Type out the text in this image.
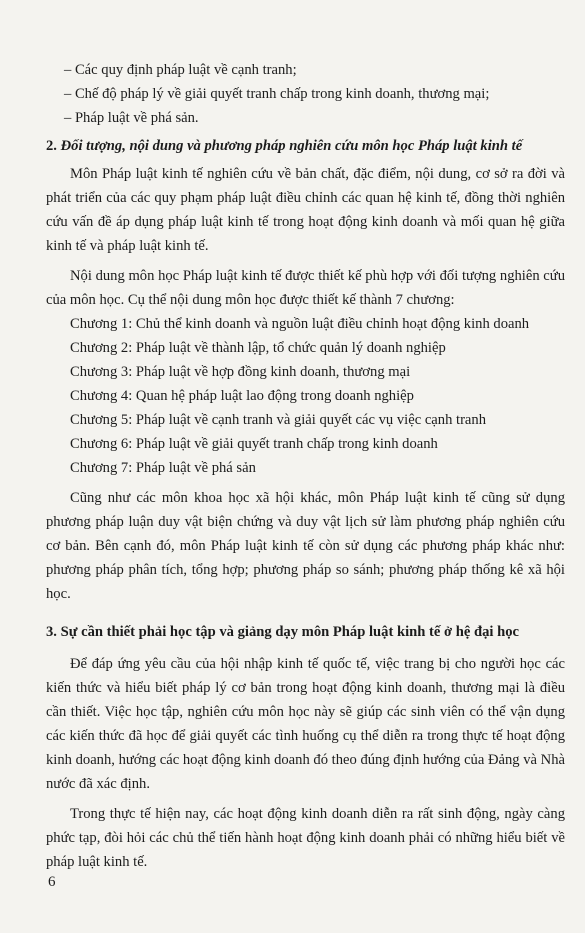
– Các quy định pháp luật về cạnh tranh;

– Chế độ pháp lý về giải quyết tranh chấp trong kinh doanh, thương mại;

– Pháp luật về phá sản.

2. Đối tượng, nội dung và phương pháp nghiên cứu môn học Pháp luật kinh tế

Môn Pháp luật kinh tế nghiên cứu về bản chất, đặc điểm, nội dung, cơ sở ra đời và phát triển của các quy phạm pháp luật điều chỉnh các quan hệ kinh tế, đồng thời nghiên cứu vấn đề áp dụng pháp luật kinh tế trong hoạt động kinh doanh và mối quan hệ giữa kinh tế và pháp luật kinh tế.

Nội dung môn học Pháp luật kinh tế được thiết kế phù hợp với đối tượng nghiên cứu của môn học. Cụ thể nội dung môn học được thiết kế thành 7 chương:

Chương 1: Chủ thể kinh doanh và nguồn luật điều chỉnh hoạt động kinh doanh

Chương 2: Pháp luật về thành lập, tổ chức quản lý doanh nghiệp

Chương 3: Pháp luật về hợp đồng kinh doanh, thương mại

Chương 4: Quan hệ pháp luật lao động trong doanh nghiệp

Chương 5: Pháp luật về cạnh tranh và giải quyết các vụ việc cạnh tranh

Chương 6: Pháp luật về giải quyết tranh chấp trong kinh doanh

Chương 7: Pháp luật về phá sản

Cũng như các môn khoa học xã hội khác, môn Pháp luật kinh tế cũng sử dụng phương pháp luận duy vật biện chứng và duy vật lịch sử làm phương pháp nghiên cứu cơ bản. Bên cạnh đó, môn Pháp luật kinh tế còn sử dụng các phương pháp khác như: phương pháp phân tích, tổng hợp; phương pháp so sánh; phương pháp thống kê xã hội học.

3. Sự cần thiết phải học tập và giảng dạy môn Pháp luật kinh tế ở hệ đại học

Để đáp ứng yêu cầu của hội nhập kinh tế quốc tế, việc trang bị cho người học các kiến thức và hiểu biết pháp lý cơ bản trong hoạt động kinh doanh, thương mại là điều cần thiết. Việc học tập, nghiên cứu môn học này sẽ giúp các sinh viên có thể vận dụng các kiến thức đã học để giải quyết các tình huống cụ thể diễn ra trong thực tế hoạt động kinh doanh, hướng các hoạt động kinh doanh đó theo đúng định hướng của Đảng và Nhà nước đã xác định.

Trong thực tế hiện nay, các hoạt động kinh doanh diễn ra rất sinh động, ngày càng phức tạp, đòi hỏi các chủ thể tiến hành hoạt động kinh doanh phải có những hiểu biết về pháp luật kinh tế.

6
